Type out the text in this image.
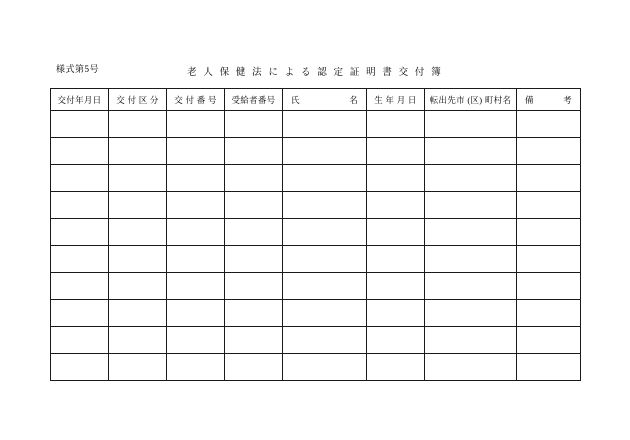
様式第5号	老 人 保 健 法 に よ る 認 定 証 明 書 交 付 簿
交付年月日	交 付 区 分	交 付 番 号	受給者番号	氏　　　　名	生 年 月 日	転出先市 (区) 町村名	備　　　考
